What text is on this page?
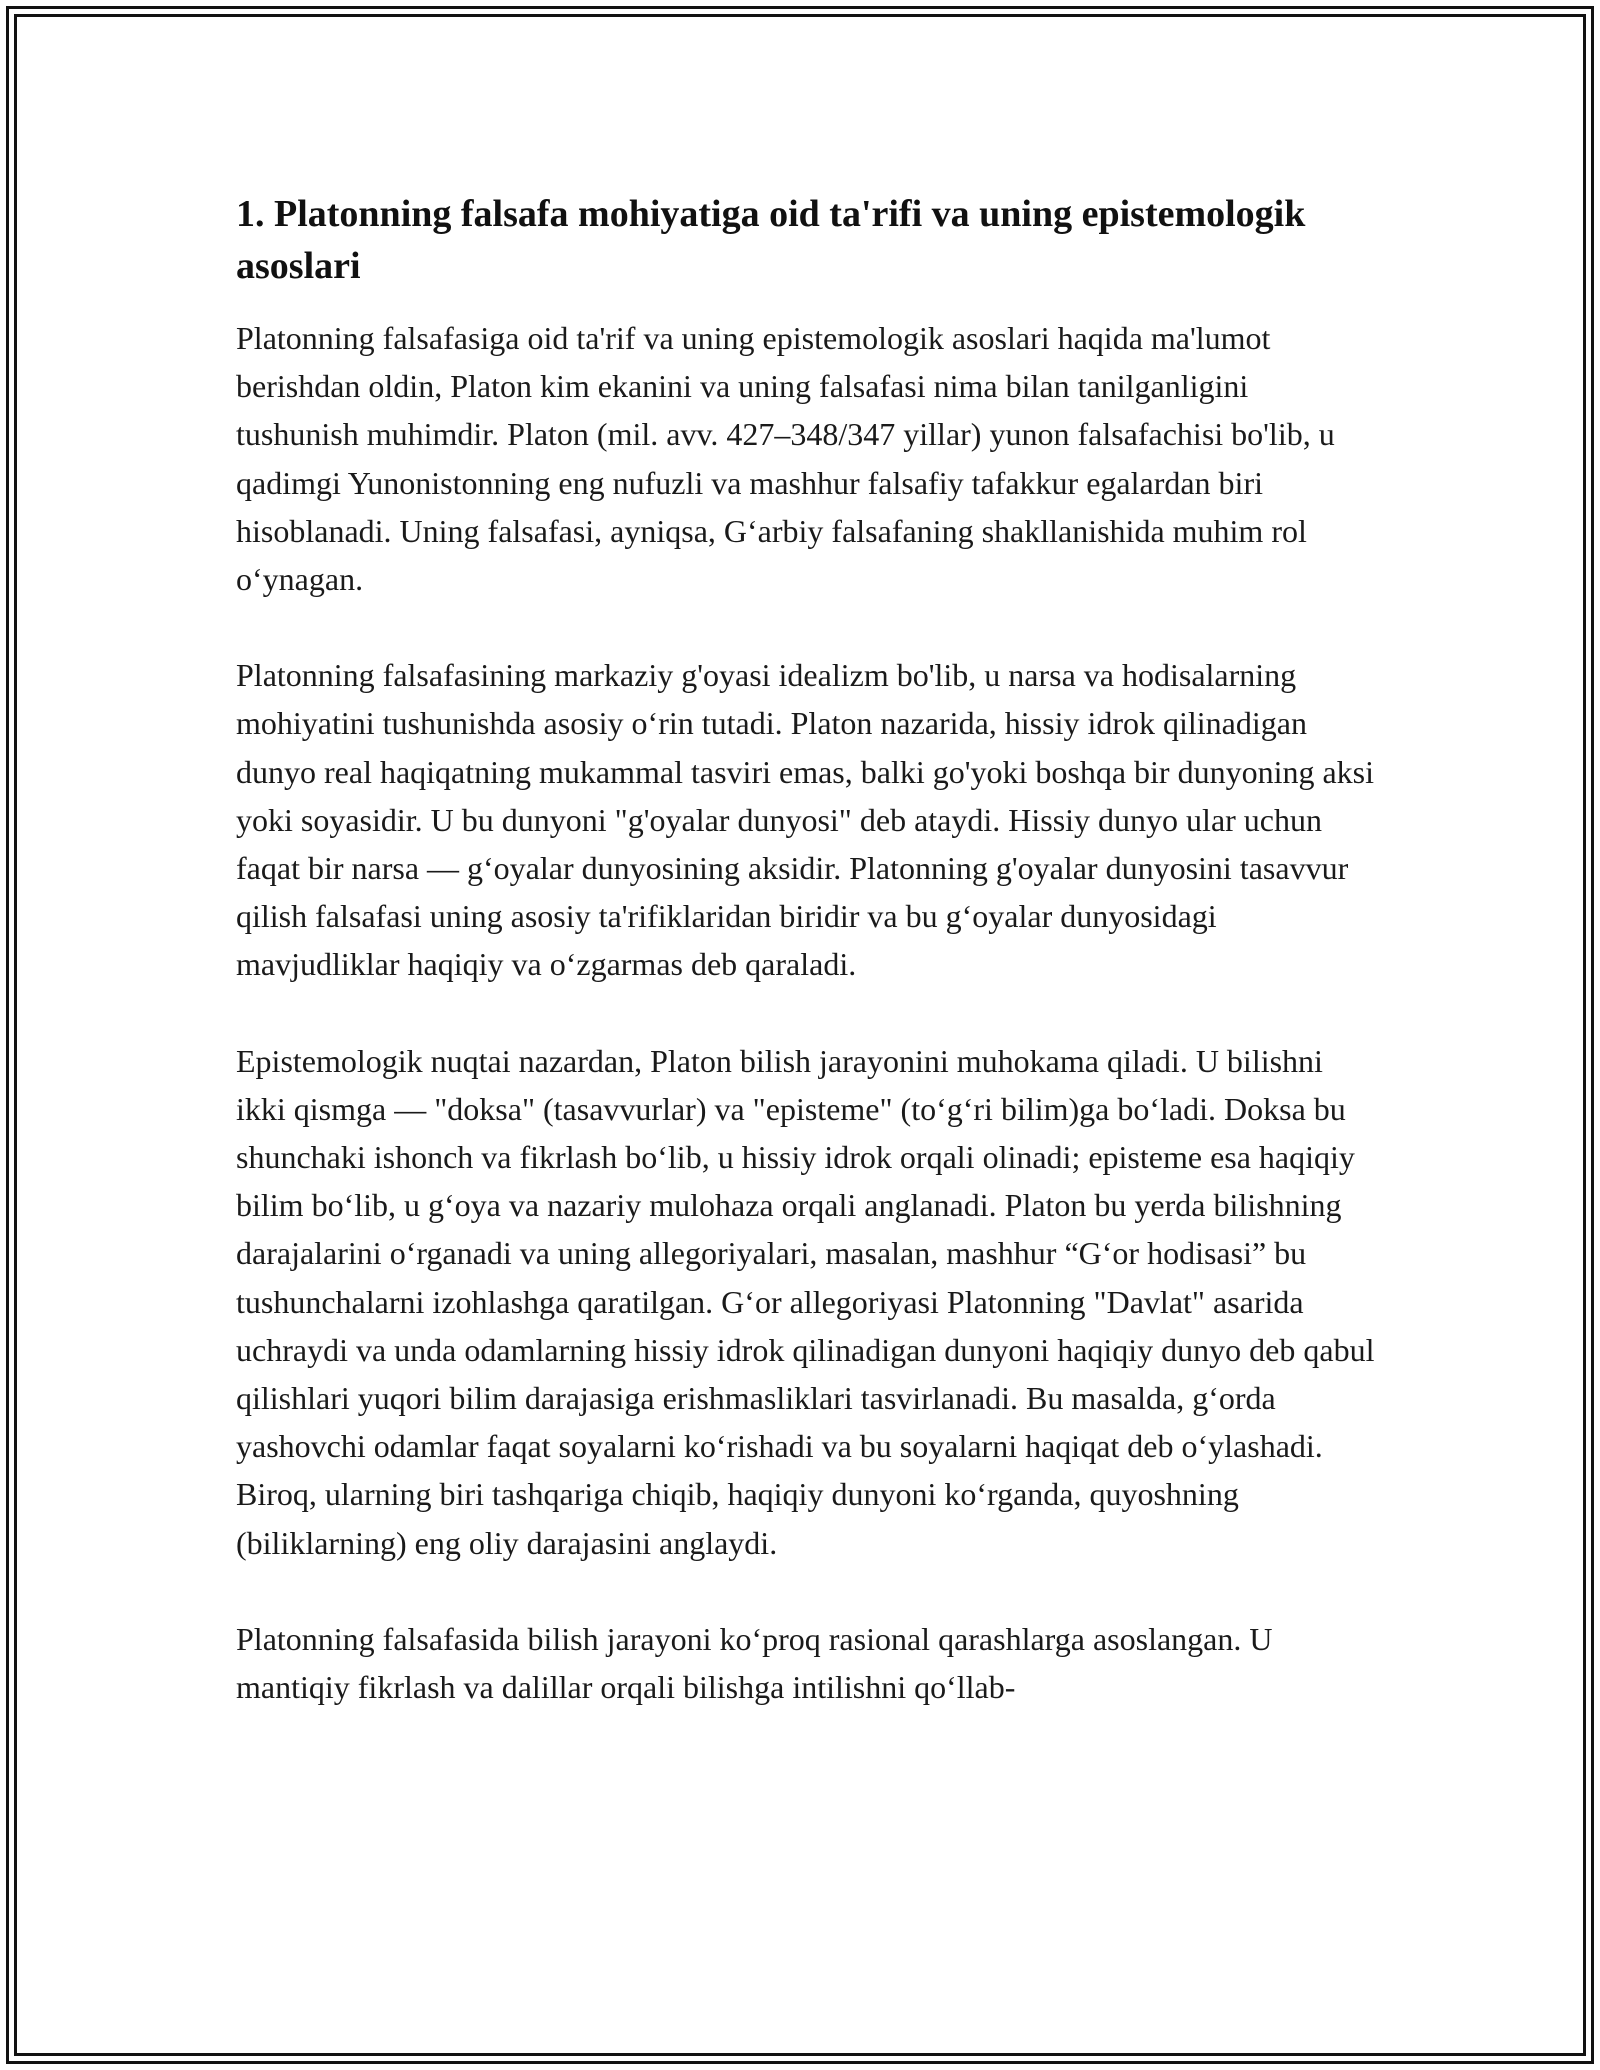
1. Platonning falsafa mohiyatiga oid ta'rifi va uning epistemologik asoslari

Platonning falsafasiga oid ta'rif va uning epistemologik asoslari haqida ma'lumot berishdan oldin, Platon kim ekanini va uning falsafasi nima bilan tanilganligini tushunish muhimdir. Platon (mil. avv. 427–348/347 yillar) yunon falsafachisi bo'lib, u qadimgi Yunonistonning eng nufuzli va mashhur falsafiy tafakkur egalardan biri hisoblanadi. Uning falsafasi, ayniqsa, G‘arbiy falsafaning shakllanishida muhim rol o‘ynagan.

Platonning falsafasining markaziy g'oyasi idealizm bo'lib, u narsa va hodisalarning mohiyatini tushunishda asosiy o‘rin tutadi. Platon nazarida, hissiy idrok qilinadigan dunyo real haqiqatning mukammal tasviri emas, balki go'yoki boshqa bir dunyoning aksi yoki soyasidir. U bu dunyoni "g'oyalar dunyosi" deb ataydi. Hissiy dunyo ular uchun faqat bir narsa — g‘oyalar dunyosining aksidir. Platonning g'oyalar dunyosini tasavvur qilish falsafasi uning asosiy ta'rifiklaridan biridir va bu g‘oyalar dunyosidagi mavjudliklar haqiqiy va o‘zgarmas deb qaraladi.

Epistemologik nuqtai nazardan, Platon bilish jarayonini muhokama qiladi. U bilishni ikki qismga — "doksa" (tasavvurlar) va "episteme" (to‘g‘ri bilim)ga bo‘ladi. Doksa bu shunchaki ishonch va fikrlash bo‘lib, u hissiy idrok orqali olinadi; episteme esa haqiqiy bilim bo‘lib, u g‘oya va nazariy mulohaza orqali anglanadi. Platon bu yerda bilishning darajalarini o‘rganadi va uning allegoriyalari, masalan, mashhur “G‘or hodisasi” bu tushunchalarni izohlashga qaratilgan. G‘or allegoriyasi Platonning "Davlat" asarida uchraydi va unda odamlarning hissiy idrok qilinadigan dunyoni haqiqiy dunyo deb qabul qilishlari yuqori bilim darajasiga erishmasliklari tasvirlanadi. Bu masalda, g‘orda yashovchi odamlar faqat soyalarni ko‘rishadi va bu soyalarni haqiqat deb o‘ylashadi. Biroq, ularning biri tashqariga chiqib, haqiqiy dunyoni ko‘rganda, quyoshning (biliklarning) eng oliy darajasini anglaydi.

Platonning falsafasida bilish jarayoni ko‘proq rasional qarashlarga asoslangan. U mantiqiy fikrlash va dalillar orqali bilishga intilishni qo‘llab-
